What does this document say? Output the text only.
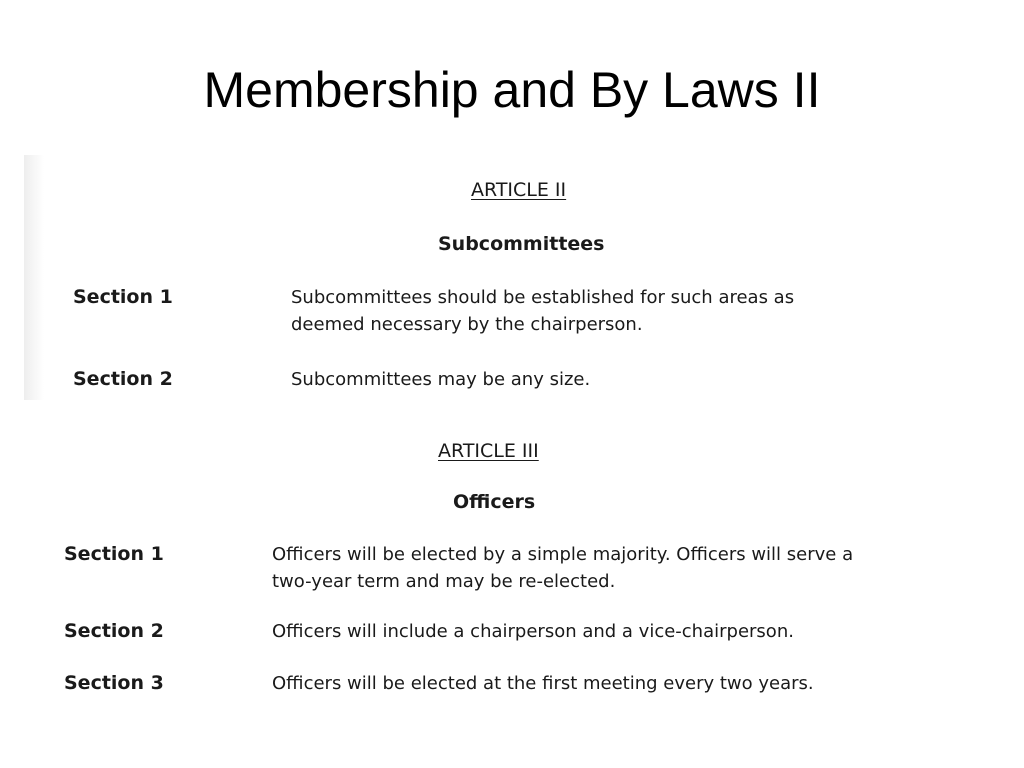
Membership and By Laws II
ARTICLE II
Subcommittees
Section 1	Subcommittees should be established for such areas as deemed necessary by the chairperson.
Section 2	Subcommittees may be any size.
ARTICLE III
Officers
Section 1	Officers will be elected by a simple majority. Officers will serve a two-year term and may be re-elected.
Section 2	Officers will include a chairperson and a vice-chairperson.
Section 3	Officers will be elected at the first meeting every two years.
